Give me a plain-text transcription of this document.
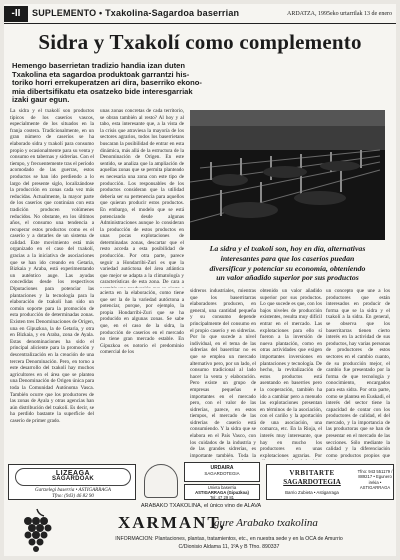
-II	SUPLEMENTO • Txakolina-Sagardoa baserrian	ARDATZA, 1995eko urtarrilak 13 de enero
Sidra y Txakolí como complemento
Hemengo baserrietan tradizio handia izan duten
Txakolina eta sagardoa produktoak garrantzi his-
toriko horri errekuperatzen ari dira, baserriko ekono-
mia dibertsifikatu eta osatzeko bide interesgarriak
izaki gaur egun.
La sidra y el txakolí son productos típicos de los caseríos vascos, especialmente de los situados en la franja costera. Tradicionalmente, en un gran número de caseríos se ha elaborado sidra y txakolí para consumo propio y ocasionalmente para su venta y consumo en tabernas y sidrerías. Con el tiempo, y frecuentemente tras el período acomodado de las guerras, estos productos se han ido perdiendo a lo largo del presente siglo, localizándose la producción en zonas cada vez más reducidas. Actualmente, la mayor parte de los caseríos que continúan con esta tradición producen volúmenes reducidos. No obstante, en los últimos años, el consumo una tendencia a recuperar estos productos como es el caserío y a dotarles de un sistema de calidad. Este movimiento está más organizado en el caso del txakolí, gracias a la iniciativa de asociaciones que se han ido creando en Getaria, Bizkaia y Araba, está experimentando un auténtico auge. Las ayudas concedidas desde los respectivos Diputaciones para potenciar las plantaciones y la tecnología para la elaboración de txakolí han sido un común soporte para la promoción de esta producción de determinadas zonas. Existen tres Denominaciones de Origen, una en Gipuzkoa, la de Getaria, y otra en Bizkaia, y en Araba, zona de Ayala. Estas denominaciones ha sido el principal aliciente para la promoción y descentralización en la creación de una tercera Denominación. Pero, en torno a este desarrollo del txakolí hay muchos agricultores en el área que se plantea una Denominación de Origen única para toda la Comunidad Autónoma Vasca. También ocurre que los productores de las zonas de Ayala y otras agencias han aún distribución del txakolí. Es decir, se ha perdido bastante la superficie del caserío de primer grado.
unas zonas concretas de cada territorio, se obran también al resto? Al hoy y al tabo, esta interesante que, a la vista de la crisis que atraviesa la mayoría de los sectores agrarios, todos los baserrietans buscaran la posibilidad de entrar en esta dinámica, más allá de la estructura de la Denominación de Origen. En este sentido, se analiza que la ampliación de aquellas zonas que se permita planteado es necesaria una zona con este tipo de producción. Los responsables de los productos consideran que la utilidad debería ser su pertenencia para aquellos que quieran producir estos productos. En embargo, el modelo que se está potenciando desde algunas Administraciones aunque lo consideran la producción de estos productos en unas pocas explotaciones de determinadas zonas, descartar que el resto acceda a esta posibilidad de producción. Por otra parte, parece seguir a Hondarribi-Zuri es que la variedad autóctona del área atlántica que mejor se adapta a la climatología y características de esta zona. De cara a
acierta en la elaboración, como tiene que ser la de la variedad autóctona a potenciar, porque, por ejemplo, la propia Hondarribi-Zuri que se ha producido en algunas zonas. Se sabe que, en el caso de la sidra, la producción de caseríos en el mercado no tiene gran mercado estable. En Gipuzkoa es notorio el predominio comercial de los
sidreros industriales, mientras que los baserritarras elaboradores producen, en general, una cantidad pequeña y su consumo depende principalmente del consumo en el propio caserío y en sidrerías. Por lo que sucede a nivel individual, en el tema de las sidrerías del baserritar no es que se emplea un mercado alternativo pero, por un lado, el consumo tradicional al lado hacer la venta y elaboración. Pero existe un grupo de empresas pequeñas e importantes en el mercado pero, con el valor de las sidrerías, parece, en estos tiempos, el mercado de las sidrerías de caserío está consumiendo. Y la sidra que se elabora en el País Vasco, con los cuidados de la industria y de las grandes sidrerías, es importante también. Toda la
obtenido un valor añadido superior por sus productos. Lo que sucede es que, con los bajos niveles de producción existentes, resulta muy difícil entrar en el mercado. Las explotaciones para ello sí fueron a la inversión de nueva plantación, como en otras actividades que exigen importantes inversiones en plantaciones y tecnología. De hecho, la revitalización de estos productos está asentando en baserries pero la cooperación, también ha ido a cambiar pero a menudo las explotaciones presentan en términos de la asociación, con el cariño y la aportación de una asociación, una comarca, etc. En la Rioja, el interés muy interesante, que hay en mucho los productores en unas explotaciones agrarias. Por
un concepto que une a los productores que están interesados en producir de forma que se la sidra y el txakolí a la sidra. En general, se observa que los baserritarras tienen cierto interés en la actividad de sus productos, hay varias personas de productores de estos sectores en el cambio cuanto, de su producción mejor, el cambio fue presentado por la forma de que tecnología y conocimiento, encargados para esta sidra. Por otra parte, como se plantea en Euskadi, el interés del sector tiene la capacidad de contar con los productores de calidad, el del mercado, y la importancia de las productoras que se han de presentar en el mercado de las secciones. Sólo mediante la calidad y la diferenciación como productos propios que
La sidra y el txakolí son, hoy en día, alternativas
interesantes para que los caseríos puedan
diversificar y potenciar su economía, obteniendo
un valor añadido superior por sus productos
LIZEAGA
SAGARDOAK
Gartzelegi baserria • ASTIGARRAGA
Tfno: (943) 46 82 90
URDAIRA
SAGARDOTEGIA
Unieta baserria
ASTIGARRAGA (Gipuzkoa)
Tel: 47 29 81
VRBITARTE
SAGARDOTEGIA
Barrio Zubieta • Astigarraga
Tfno: 943 551179 / 889217 • Egunero irekia • ASTIGARRAGA
ARABAKO TXAKOLINA, el único vino de ALAVA
XARMANT,
gure Arabako txakolina
INFORMACION: Plantaciones, plantas, tratamientos, etc., en nuestra sede y en la OCA de Amurrio
C/Dionisio Aldama 11, 1ºA y B Tfno. 890337
